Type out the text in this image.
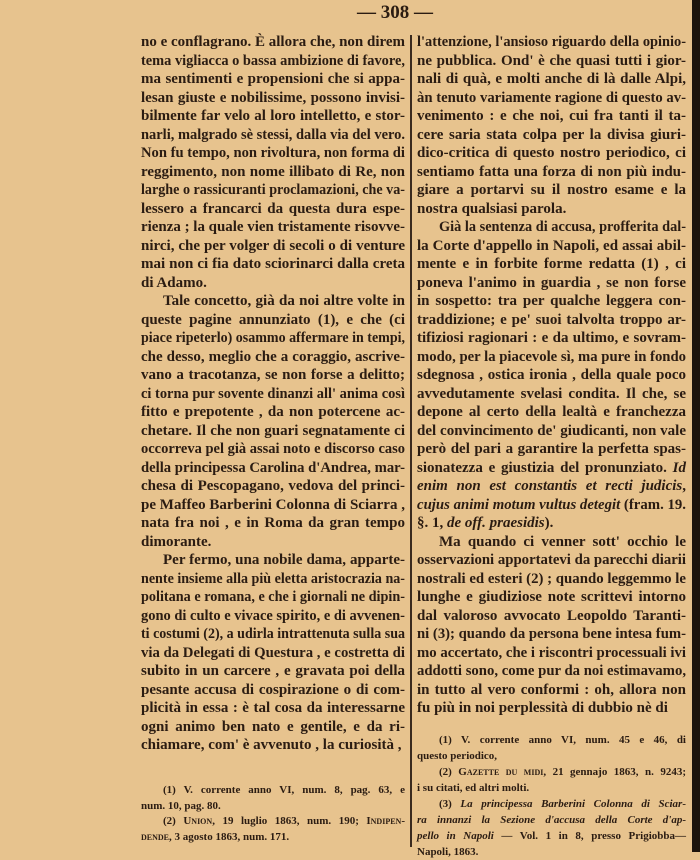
— 308 —
no e conflagrano. È allora che, non direm
tema vigliacca o bassa ambizione di favore,
ma sentimenti e propensioni che si appa-
lesan giuste e nobilissime, possono invisi-
bilmente far velo al loro intelletto, e stor-
narli, malgrado sè stessi, dalla via del vero.
Non fu tempo, non rivoltura, non forma di
reggimento, non nome illibato di Re, non
larghe o rassicuranti proclamazioni, che va-
lessero a francarci da questa dura espe-
rienza ; la quale vien tristamente risovve-
nirci, che per volger di secoli o di venture
mai non ci fia dato sciorinarci dalla creta
di Adamo.
Tale concetto, già da noi altre volte in
queste pagine annunziato (1), e che (ci
piace ripeterlo) osammo affermare in tempi,
che desso, meglio che a coraggio, ascrive-
vano a tracotanza, se non forse a delitto;
ci torna pur sovente dinanzi all' anima così
fitto e prepotente , da non potercene ac-
chetare. Il che non guari segnatamente ci
occorreva pel già assai noto e discorso caso
della principessa Carolina d'Andrea, mar-
chesa di Pescopagano, vedova del princi-
pe Maffeo Barberini Colonna di Sciarra ,
nata fra noi , e in Roma da gran tempo
dimorante.
Per fermo, una nobile dama, apparte-
nente insieme alla più eletta aristocrazia na-
politana e romana, e che i giornali ne dipin-
gono di culto e vivace spirito, e di avvenen-
ti costumi (2), a udirla intrattenuta sulla sua
via da Delegati di Questura , e costretta di
subito in un carcere , e gravata poi della
pesante accusa di cospirazione o di com-
plicità in essa : è tal cosa da interessarne
ogni animo ben nato e gentile, e da ri-
chiamare, com' è avvenuto , la curiosità ,
l'attenzione, l'ansioso riguardo della opinio-
ne pubblica. Ond' è che quasi tutti i gior-
nali di quà, e molti anche di là dalle Alpi,
àn tenuto variamente ragione di questo av-
venimento : e che noi, cui fra tanti il ta-
cere saria stata colpa per la divisa giuri-
dico-critica di questo nostro periodico, ci
sentiamo fatta una forza di non più indu-
giare a portarvi su il nostro esame e la
nostra qualsiasi parola.
Già la sentenza di accusa, profferita dal-
la Corte d'appello in Napoli, ed assai abil-
mente e in forbite forme redatta (1) , ci
poneva l'animo in guardia , se non forse
in sospetto: tra per qualche leggera con-
traddizione; e pe' suoi talvolta troppo ar-
tifiziosi ragionari : e da ultimo, e sovram-
modo, per la piacevole sì, ma pure in fondo
sdegnosa , ostica ironia , della quale poco
avvedutamente svelasi condita. Il che, se
depone al certo della lealtà e franchezza
del convincimento de' giudicanti, non vale
però del pari a garantire la perfetta spas-
sionatezza e giustizia del pronunziato. Id
enim non est constantis et recti judicis,
cujus animi motum vultus detegit (fram. 19.
§. 1, de off. praesidis).
Ma quando ci venner sott' occhio le
osservazioni apportatevi da parecchi diarii
nostrali ed esteri (2) ; quando leggemmo le
lunghe e giudiziose note scrittevi intorno
dal valoroso avvocato Leopoldo Taranti-
ni (3); quando da persona bene intesa fum-
mo accertato, che i riscontri processuali ivi
addotti sono, come pur da noi estimavamo,
in tutto al vero conformi : oh, allora non
fu più in noi perplessità di dubbio nè di
(1) V. corrente anno VI, num. 8, pag. 63, e
num. 10, pag. 80.
(2) Union, 19 luglio 1863, num. 190; Indipen-
dende, 3 agosto 1863, num. 171.
(1) V. corrente anno VI, num. 45 e 46, di
questo periodico,
(2) Gazette du midi, 21 gennajo 1863, n. 9243;
i su citati, ed altri molti.
(3) La principessa Barberini Colonna di Sciar-
ra innanzi la Sezione d'accusa della Corte d'ap-
pello in Napoli — Vol. 1 in 8, presso Prigiobba—
Napoli, 1863.
